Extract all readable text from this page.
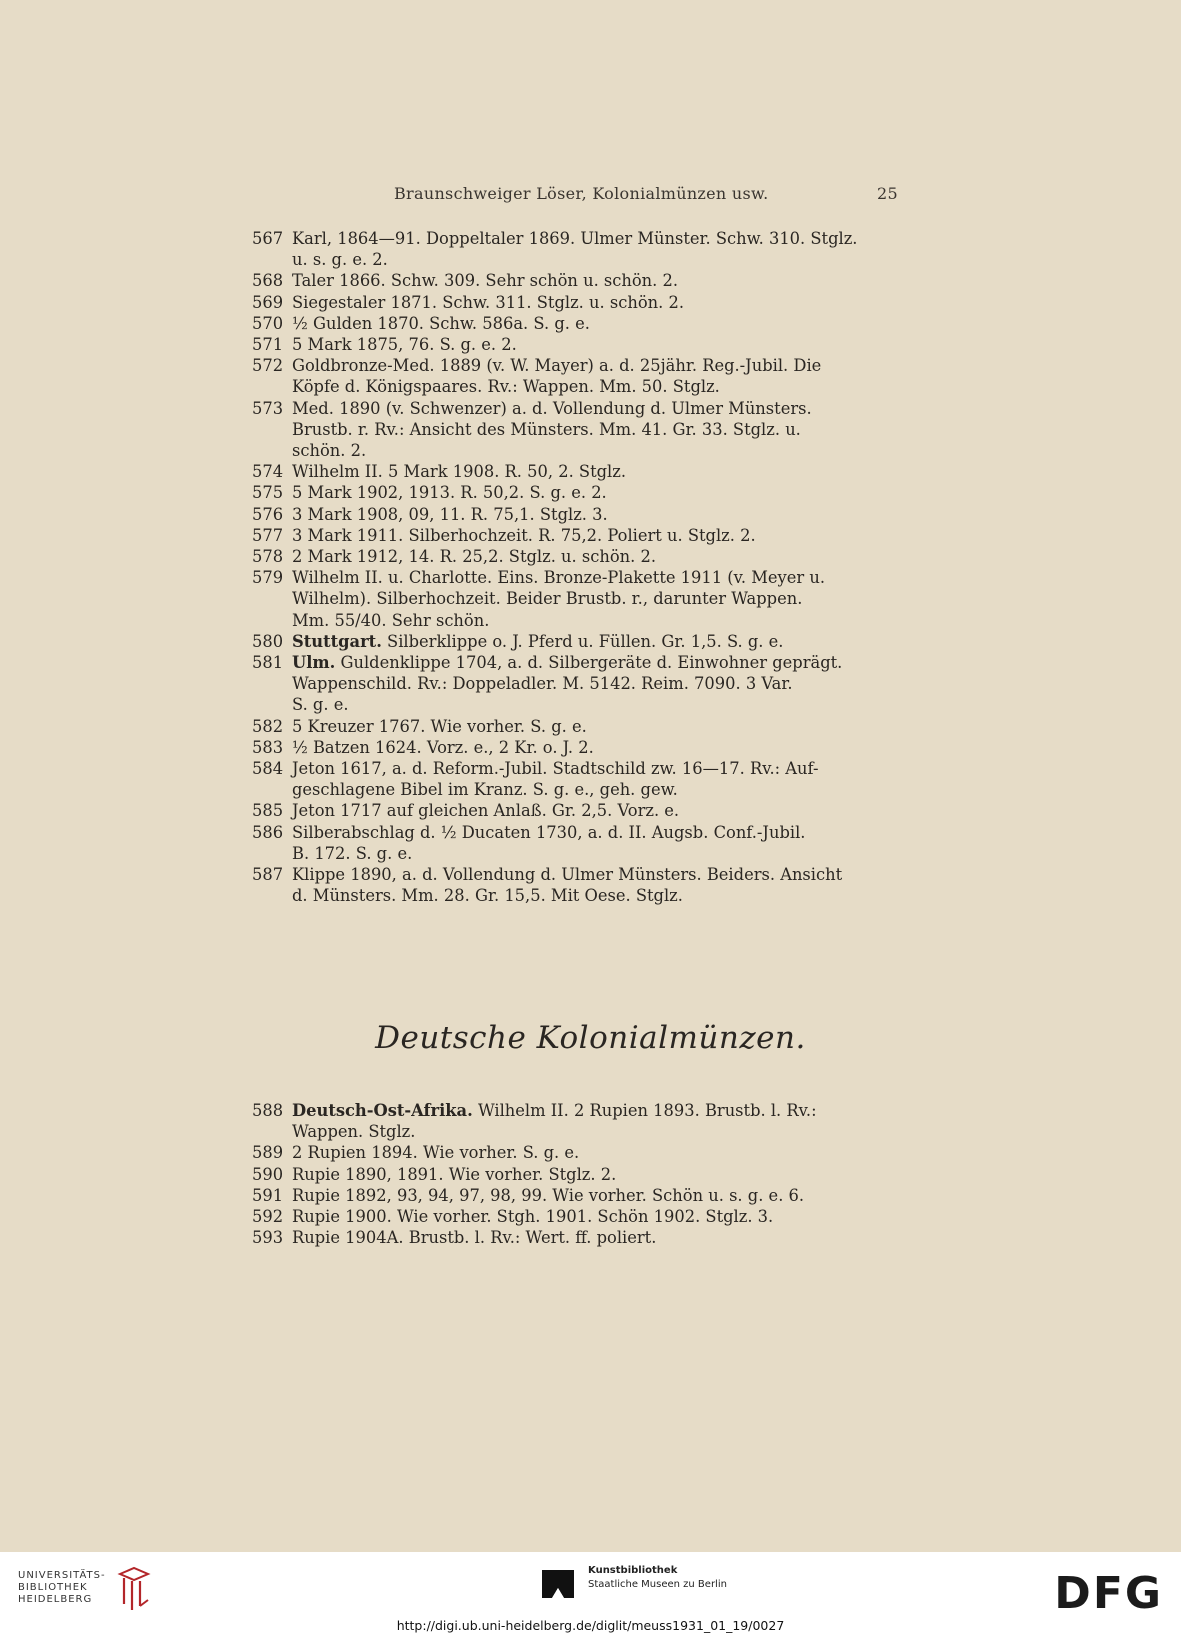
Braunschweiger Löser, Kolonialmünzen usw.	25
567 Karl, 1864—91. Doppeltaler 1869. Ulmer Münster. Schw. 310. Stglz.
u. s. g. e. 2.
568 Taler 1866. Schw. 309. Sehr schön u. schön. 2.
569 Siegestaler 1871. Schw. 311. Stglz. u. schön. 2.
570 ½ Gulden 1870. Schw. 586a. S. g. e.
571 5 Mark 1875, 76. S. g. e. 2.
572 Goldbronze-Med. 1889 (v. W. Mayer) a. d. 25jähr. Reg.-Jubil. Die
Köpfe d. Königspaares. Rv.: Wappen. Mm. 50. Stglz.
573 Med. 1890 (v. Schwenzer) a. d. Vollendung d. Ulmer Münsters.
Brustb. r. Rv.: Ansicht des Münsters. Mm. 41. Gr. 33. Stglz. u.
schön. 2.
574 Wilhelm II. 5 Mark 1908. R. 50, 2. Stglz.
575 5 Mark 1902, 1913. R. 50,2. S. g. e. 2.
576 3 Mark 1908, 09, 11. R. 75,1. Stglz. 3.
577 3 Mark 1911. Silberhochzeit. R. 75,2. Poliert u. Stglz. 2.
578 2 Mark 1912, 14. R. 25,2. Stglz. u. schön. 2.
579 Wilhelm II. u. Charlotte. Eins. Bronze-Plakette 1911 (v. Meyer u.
Wilhelm). Silberhochzeit. Beider Brustb. r., darunter Wappen.
Mm. 55/40. Sehr schön.
580 Stuttgart. Silberklippe o. J. Pferd u. Füllen. Gr. 1,5. S. g. e.
581 Ulm. Guldenklippe 1704, a. d. Silbergeräte d. Einwohner geprägt.
Wappenschild. Rv.: Doppeladler. M. 5142. Reim. 7090. 3 Var.
S. g. e.
582 5 Kreuzer 1767. Wie vorher. S. g. e.
583 ½ Batzen 1624. Vorz. e., 2 Kr. o. J. 2.
584 Jeton 1617, a. d. Reform.-Jubil. Stadtschild zw. 16—17. Rv.: Auf-
geschlagene Bibel im Kranz. S. g. e., geh. gew.
585 Jeton 1717 auf gleichen Anlaß. Gr. 2,5. Vorz. e.
586 Silberabschlag d. ½ Ducaten 1730, a. d. II. Augsb. Conf.-Jubil.
B. 172. S. g. e.
587 Klippe 1890, a. d. Vollendung d. Ulmer Münsters. Beiders. Ansicht
d. Münsters. Mm. 28. Gr. 15,5. Mit Oese. Stglz.
Deutsche Kolonialmünzen.
588 Deutsch-Ost-Afrika. Wilhelm II. 2 Rupien 1893. Brustb. l. Rv.:
Wappen. Stglz.
589 2 Rupien 1894. Wie vorher. S. g. e.
590 Rupie 1890, 1891. Wie vorher. Stglz. 2.
591 Rupie 1892, 93, 94, 97, 98, 99. Wie vorher. Schön u. s. g. e. 6.
592 Rupie 1900. Wie vorher. Stgh. 1901. Schön 1902. Stglz. 3.
593 Rupie 1904A. Brustb. l. Rv.: Wert. ff. poliert.
UNIVERSITÄTS-
BIBLIOTHEK
HEIDELBERG
Kunstbibliothek
Staatliche Museen zu Berlin	DFG
http://digi.ub.uni-heidelberg.de/diglit/meuss1931_01_19/0027
